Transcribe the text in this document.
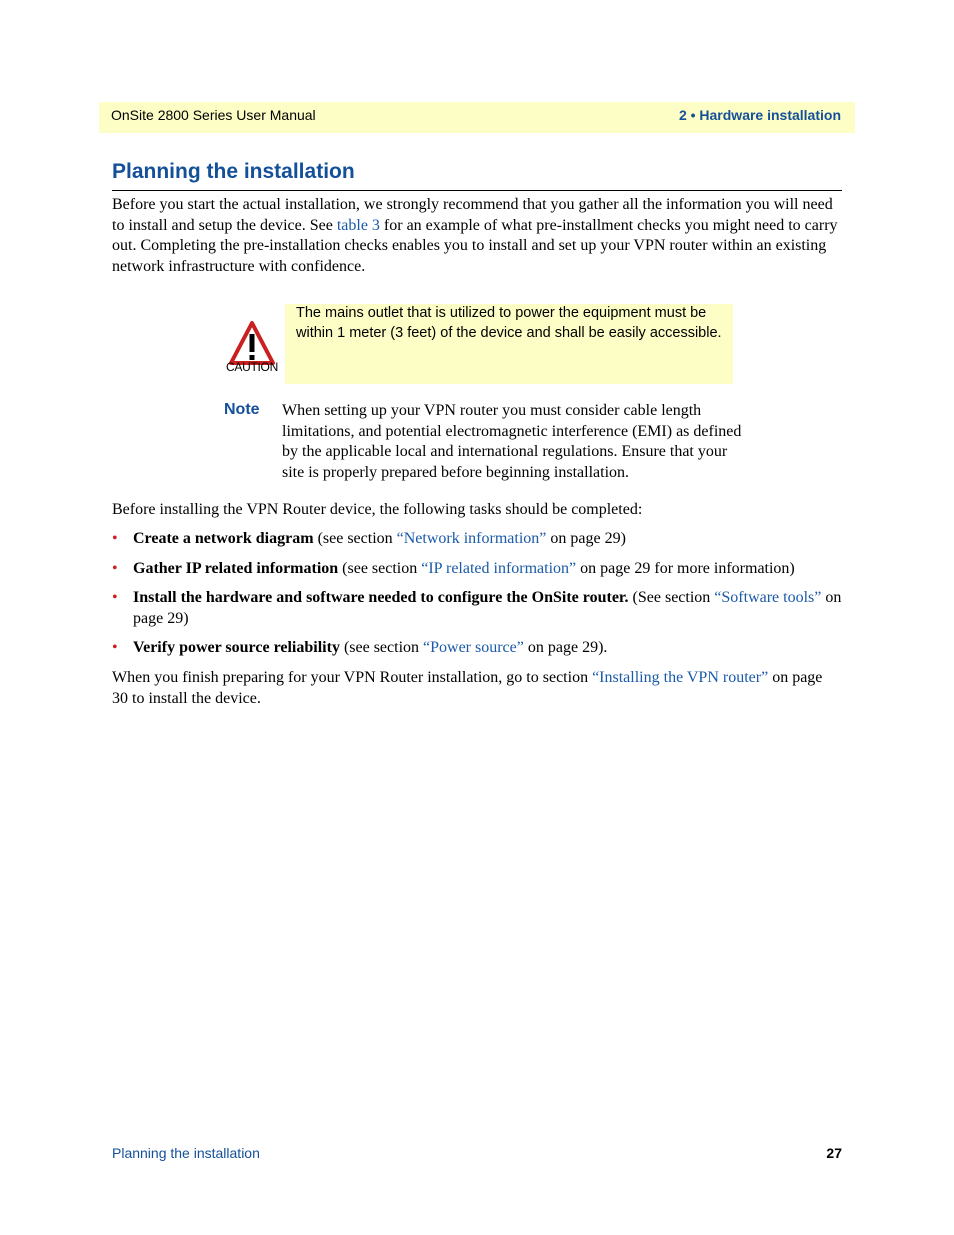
OnSite 2800 Series User Manual	2 • Hardware installation
Planning the installation

Before you start the actual installation, we strongly recommend that you gather all the information you will need to install and setup the device. See table 3 for an example of what pre-installment checks you might need to carry out. Completing the pre-installation checks enables you to install and set up your VPN router within an existing network infrastructure with confidence.

CAUTION
The mains outlet that is utilized to power the equipment must be within 1 meter (3 feet) of the device and shall be easily accessible.
Note When setting up your VPN router you must consider cable length limitations, and potential electromagnetic interference (EMI) as defined by the applicable local and international regulations. Ensure that your site is properly prepared before beginning installation.

Before installing the VPN Router device, the following tasks should be completed:

• Create a network diagram (see section “Network information” on page 29)
• Gather IP related information (see section “IP related information” on page 29 for more information)
• Install the hardware and software needed to configure the OnSite router. (See section “Software tools” on page 29)
• Verify power source reliability (see section “Power source” on page 29).

When you finish preparing for your VPN Router installation, go to section “Installing the VPN router” on page 30 to install the device.

Planning the installation	27
